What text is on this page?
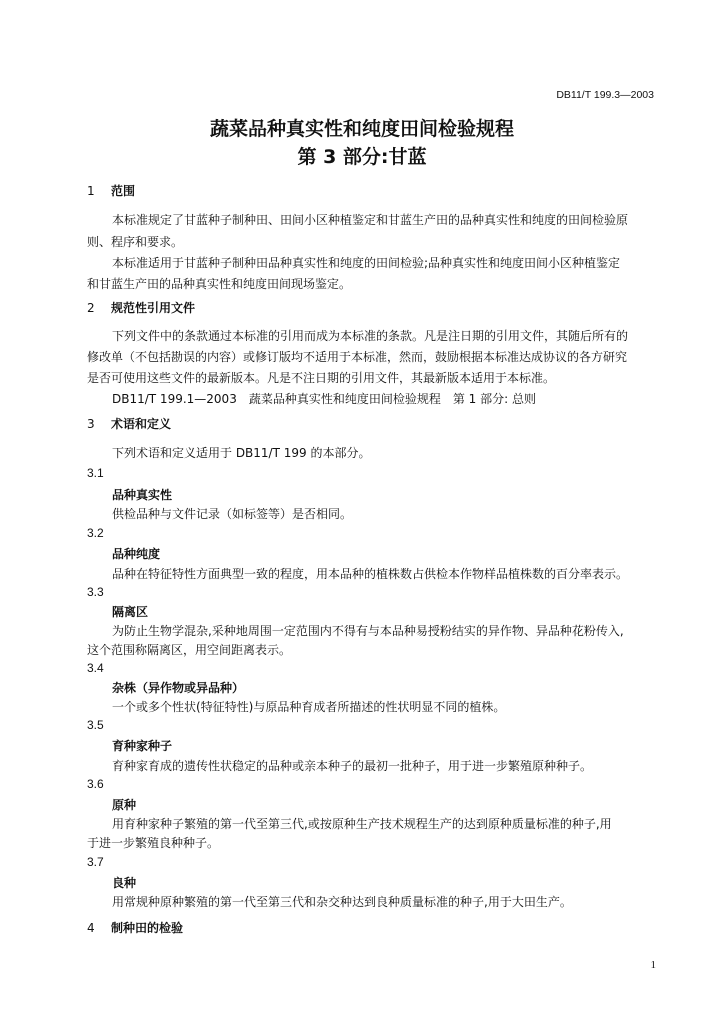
DB11/T 199.3—2003
蔬菜品种真实性和纯度田间检验规程
第 3 部分:甘蓝
1 范围
本标准规定了甘蓝种子制种田、田间小区种植鉴定和甘蓝生产田的品种真实性和纯度的田间检验原
则、程序和要求。
本标准适用于甘蓝种子制种田品种真实性和纯度的田间检验;品种真实性和纯度田间小区种植鉴定
和甘蓝生产田的品种真实性和纯度田间现场鉴定。
2 规范性引用文件
下列文件中的条款通过本标准的引用而成为本标准的条款。凡是注日期的引用文件，其随后所有的
修改单（不包括勘误的内容）或修订版均不适用于本标准，然而，鼓励根据本标准达成协议的各方研究
是否可使用这些文件的最新版本。凡是不注日期的引用文件，其最新版本适用于本标准。
DB11/T 199.1—2003　蔬菜品种真实性和纯度田间检验规程　第 1 部分: 总则
3 术语和定义
下列术语和定义适用于 DB11/T 199 的本部分。
3.1
品种真实性
供检品种与文件记录（如标签等）是否相同。
3.2
品种纯度
品种在特征特性方面典型一致的程度，用本品种的植株数占供检本作物样品植株数的百分率表示。
3.3
隔离区
为防止生物学混杂,采种地周围一定范围内不得有与本品种易授粉结实的异作物、异品种花粉传入,
这个范围称隔离区，用空间距离表示。
3.4
杂株（异作物或异品种）
一个或多个性状(特征特性)与原品种育成者所描述的性状明显不同的植株。
3.5
育种家种子
育种家育成的遗传性状稳定的品种或亲本种子的最初一批种子，用于进一步繁殖原种种子。
3.6
原种
用育种家种子繁殖的第一代至第三代,或按原种生产技术规程生产的达到原种质量标准的种子,用
于进一步繁殖良种种子。
3.7
良种
用常规种原种繁殖的第一代至第三代和杂交种达到良种质量标准的种子,用于大田生产。
4 制种田的检验
1
